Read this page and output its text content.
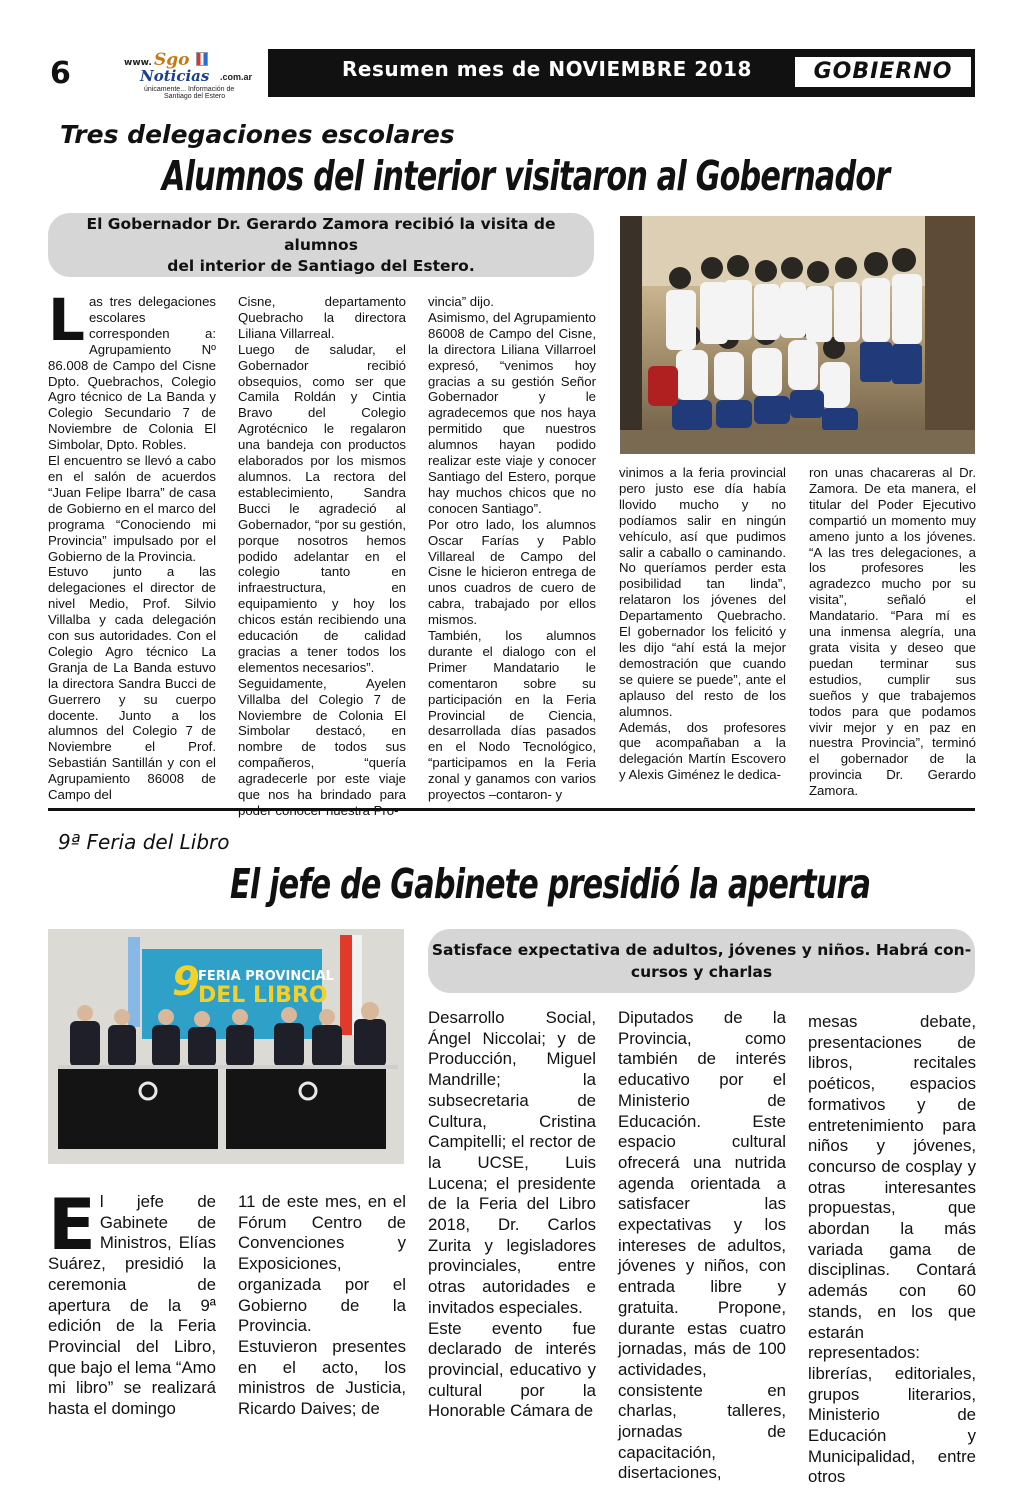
6	www. Sgo
Noticias .com.ar
únicamente... Información de
Santiago del Estero
Resumen mes de NOVIEMBRE 2018	GOBIERNO
Tres delegaciones escolares
Alumnos del interior visitaron al Gobernador
El Gobernador Dr. Gerardo Zamora recibió la visita de alumnos
del interior de Santiago del Estero.
L as tres delegaciones escolares corresponden a: Agrupamiento Nº 86.008 de Campo del Cisne Dpto. Quebrachos, Colegio Agro técnico de La Banda y Colegio Secundario 7 de Noviembre de Colonia El Simbolar, Dpto. Robles.

El encuentro se llevó a cabo en el salón de acuerdos “Juan Felipe Ibarra” de casa de Gobierno en el marco del programa “Conociendo mi Provincia” impulsado por el Gobierno de la Provincia.

Estuvo junto a las delegaciones el director de nivel Medio, Prof. Silvio Villalba y cada delegación con sus autoridades. Con el Colegio Agro técnico La Granja de La Banda estuvo la directora Sandra Bucci de Guerrero y su cuerpo docente. Junto a los alumnos del Colegio 7 de Noviembre el Prof. Sebastián Santillán y con el Agrupamiento 86008 de Campo del

Cisne, departamento Quebracho la directora Liliana Villarreal.

Luego de saludar, el Gobernador recibió obsequios, como ser que Camila Roldán y Cintia Bravo del Colegio Agrotécnico le regalaron una bandeja con productos elaborados por los mismos alumnos. La rectora del establecimiento, Sandra Bucci le agradeció al Gobernador, “por su gestión, porque nosotros hemos podido adelantar en el colegio tanto en infraestructura, en equipamiento y hoy los chicos están recibiendo una educación de calidad gracias a tener todos los elementos necesarios”.

Seguidamente, Ayelen Villalba del Colegio 7 de Noviembre de Colonia El Simbolar destacó, en nombre de todos sus compañeros, “quería agradecerle por este viaje que nos ha brindado para

vincia” dijo.

Asimismo, del Agrupamiento 86008 de Campo del Cisne, la directora Liliana Villarroel expresó, “venimos hoy gracias a su gestión Señor Gobernador y le agradecemos que nos haya permitido que nuestros alumnos hayan podido realizar este viaje y conocer Santiago del Estero, porque hay muchos chicos que no conocen Santiago”.

Por otro lado, los alumnos Oscar Farías y Pablo Villareal de Campo del Cisne le hicieron entrega de unos cuadros de cuero de cabra, trabajado por ellos mismos.

También, los alumnos durante el dialogo con el Primer Mandatario le comentaron sobre su participación en la Feria Provincial de Ciencia, desarrollada días pasados en el Nodo Tecnológico, “participamos en la Feria zonal y ganamos con varios proyectos –contaron- y

vinimos a la feria provincial pero justo ese día había llovido mucho y no podíamos salir en ningún vehículo, así que pudimos salir a caballo o caminando. No queríamos perder esta posibilidad tan linda”, relataron los jóvenes del Departamento Quebracho. El gobernador los felicitó y les dijo “ahí está la mejor demostración que cuando se quiere se puede”, ante el aplauso del resto de los alumnos.

Además, dos profesores que acompañaban a la delegación Martín Escovero y Alexis Giménez le dedica-

ron unas chacareras al Dr. Zamora. De eta manera, el titular del Poder Ejecutivo compartió un momento muy ameno junto a los jóvenes. “A las tres delegaciones, a los profesores les agradezco mucho por su visita”, señaló el Mandatario. “Para mí es una inmensa alegría, una grata visita y deseo que puedan terminar sus estudios, cumplir sus sueños y que trabajemos todos para que podamos vivir mejor y en paz en nuestra Provincia”, terminó el gobernador de la provincia Dr. Gerardo Zamora.

9ª Feria del Libro
El jefe de Gabinete presidió la apertura
9
FERIA PROVINCIAL
DEL LIBRO
Satisface expectativa de adultos, jóvenes y niños. Habrá con-
cursos y charlas
E l jefe de Gabinete de Ministros, Elías Suárez, presidió la ceremonia de apertura de la 9ª edición de la Feria Provincial del Libro, que bajo el lema “Amo mi libro” se realizará hasta el domingo

11 de este mes, en el Fórum Centro de Convenciones y Exposiciones, organizada por el Gobierno de la Provincia.

Estuvieron presentes en el acto, los ministros de Justicia, Ricardo Daives; de

Desarrollo Social, Ángel Niccolai; y de Producción, Miguel Mandrille; la subsecretaria de Cultura, Cristina Campitelli; el rector de la UCSE, Luis Lucena; el presidente de la Feria del Libro 2018, Dr. Carlos Zurita y legisladores provinciales, entre otras autoridades e invitados especiales.

Este evento fue declarado de interés provincial, educativo y cultural por la Honorable Cámara de

Diputados de la Provincia, como también de interés educativo por el Ministerio de Educación. Este espacio cultural ofrecerá una nutrida agenda orientada a satisfacer las expectativas y los intereses de adultos, jóvenes y niños, con entrada libre y gratuita. Propone, durante estas cuatro jornadas, más de 100 actividades, consistente en charlas, talleres, jornadas de capacitación, disertaciones,

mesas debate, presentaciones de libros, recitales poéticos, espacios formativos y de entretenimiento para niños y jóvenes, concurso de cosplay y otras interesantes propuestas, que abordan la más variada gama de disciplinas. Contará además con 60 stands, en los que estarán representados: librerías, editoriales, grupos literarios, Ministerio de Educación y Municipalidad, entre otros
